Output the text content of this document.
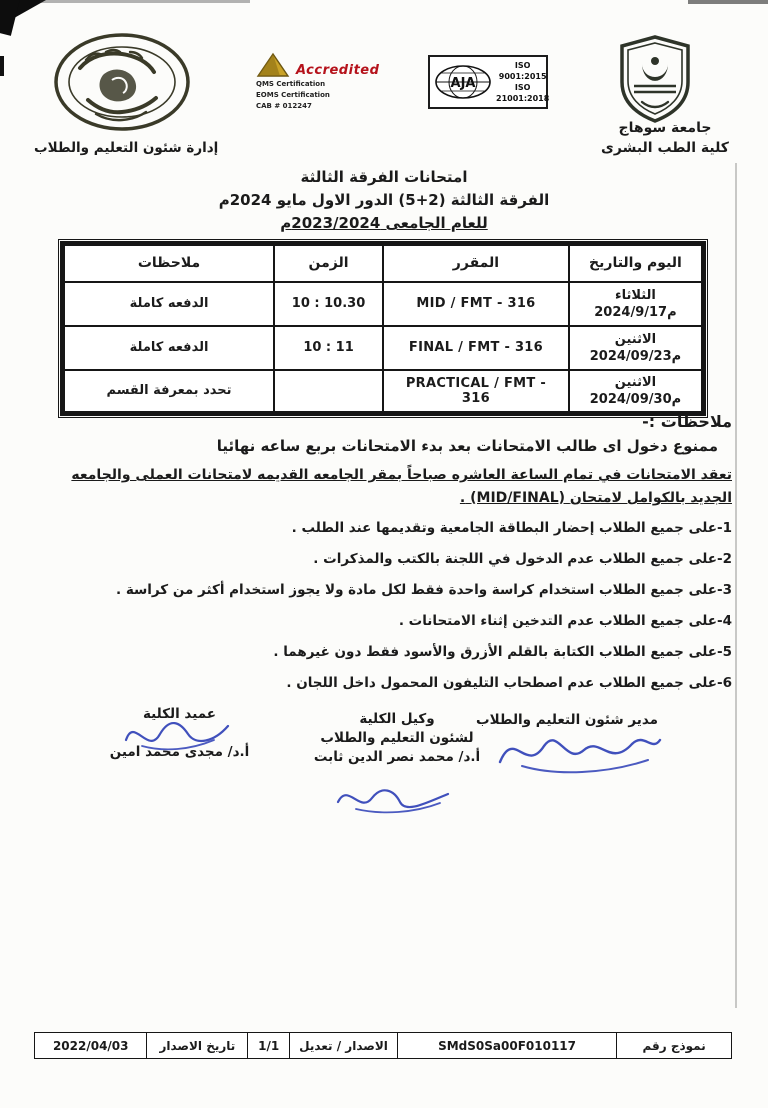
Accredited
QMS Certification
EOMS Certification
CAB # 012247
AJA
ISO 9001:2015
ISO 21001:2018
جامعة سوهاج
كلية الطب البشرى
إدارة شئون التعليم والطلاب
امتحانات الفرقة الثالثة
الفرقة الثالثة (5+2) الدور الاول مايو 2024م
للعام الجامعى 2023/2024م
اليوم والتاريخ	المقرر	الزمن	ملاحظات

الثلاثاء
2024/9/17م	MID / FMT - 316	10 : 10.30	الدفعه كاملة

الاثنين
2024/09/23م	FINAL / FMT - 316	10 : 11	الدفعه كاملة

الاثنين
2024/09/30م	PRACTICAL / FMT - 316		تحدد بمعرفة القسم
ملاحظات :-
ممنوع دخول اى طالب الامتحانات بعد بدء الامتحانات بربع ساعه نهائيا
تعقد الامتحانات في تمام الساعة العاشره صباحاً بمقر الجامعه القديمه لامتحانات العملى والجامعه
الجديد بالكوامل لامتحان (MID/FINAL) .
1-على جميع الطلاب إحضار البطاقة الجامعية وتقديمها عند الطلب .
2-على جميع الطلاب عدم الدخول في اللجنة بالكتب والمذكرات .
3-على جميع الطلاب استخدام كراسة واحدة فقط لكل مادة ولا يجوز استخدام أكثر من كراسة .
4-على جميع الطلاب عدم التدخين إثناء الامتحانات .
5-على جميع الطلاب الكتابة بالقلم الأزرق والأسود فقط دون غيرهما .
6-على جميع الطلاب عدم اصطحاب التليفون المحمول داخل اللجان .
مدير شئون التعليم والطلاب
وكيل الكلية
لشئون التعليم والطلاب
أ.د/ محمد نصر الدين ثابت
عميد الكلية
أ.د/ مجدى محمد امين
نموذج رقم
SMdS0Sa00F010117
الاصدار / تعديل
1/1
تاريخ الاصدار
2022/04/03
